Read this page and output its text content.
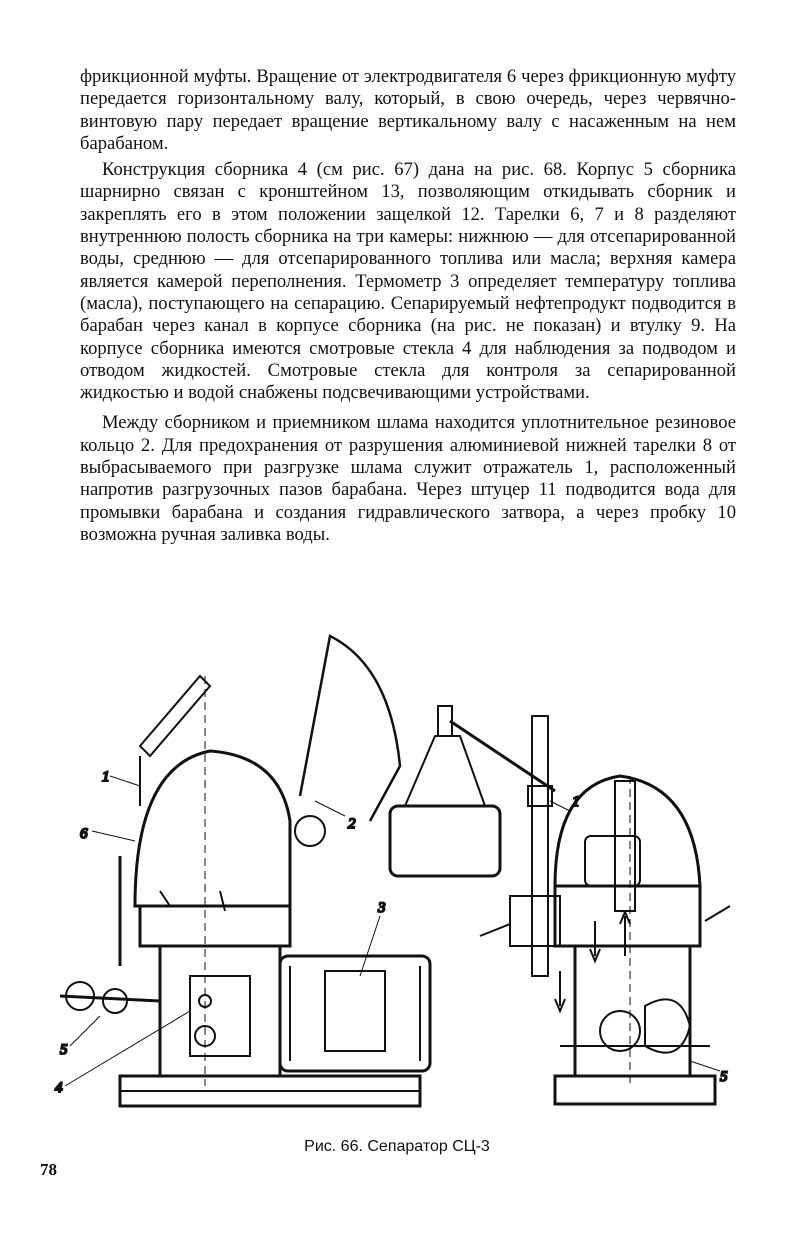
фрикционной муфты. Вращение от электродвигателя 6 через фрикционную муфту передается горизонтальному валу, который, в свою очередь, через червячно-винтовую пару передает вращение вертикальному валу с насаженным на нем барабаном.

Конструкция сборника 4 (см рис. 67) дана на рис. 68. Корпус 5 сборника шарнирно связан с кронштейном 13, позволяющим откидывать сборник и закреплять его в этом положении защелкой 12. Тарелки 6, 7 и 8 разделяют внутреннюю полость сборника на три камеры: нижнюю — для отсепарированной воды, среднюю — для отсепарированного топлива или масла; верхняя камера является камерой переполнения. Термометр 3 определяет температуру топлива (масла), поступающего на сепарацию. Сепарируемый нефтепродукт подводится в барабан через канал в корпусе сборника (на рис. не показан) и втулку 9. На корпусе сборника имеются смотровые стекла 4 для наблюдения за подводом и отводом жидкостей. Смотровые стекла для контроля за сепарированной жидкостью и водой снабжены подсвечивающими устройствами.

Между сборником и приемником шлама находится уплотнительное резиновое кольцо 2. Для предохранения от разрушения алюминиевой нижней тарелки 8 от выбрасываемого при разгрузке шлама служит отражатель 1, расположенный напротив разгрузочных пазов барабана. Через штуцер 11 подводится вода для промывки барабана и создания гидравлического затвора, а через пробку 10 возможна ручная заливка воды.

1
6
5
4
2
3
1
5
Рис. 66. Сепаратор СЦ-3
78
